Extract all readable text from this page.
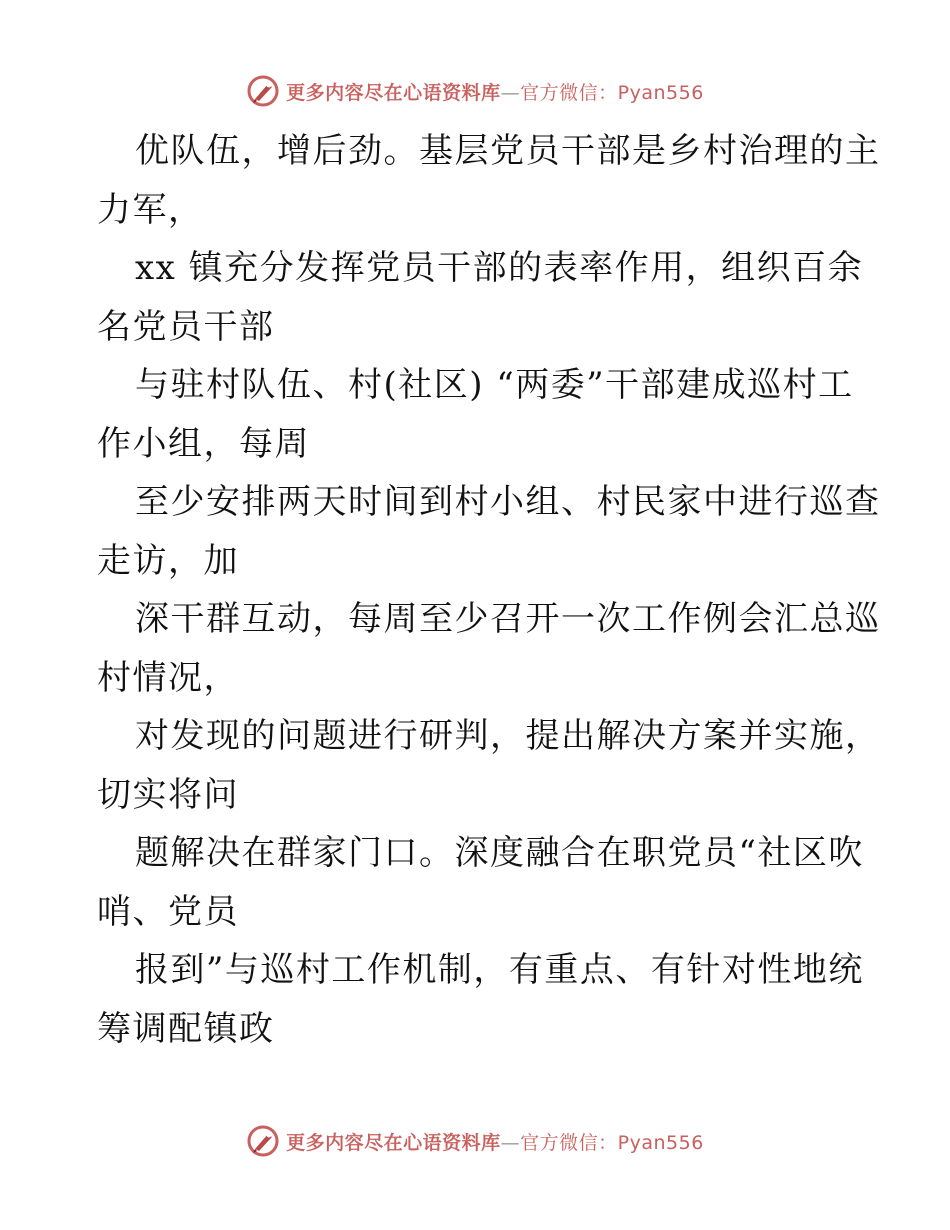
更多内容尽在心语资料库—官方微信：Pyan556
优队伍，增后劲。基层党员干部是乡村治理的主
力军，
xx 镇充分发挥党员干部的表率作用，组织百余
名党员干部
与驻村队伍、村(社区) “两委”干部建成巡村工
作小组，每周
至少安排两天时间到村小组、村民家中进行巡查
走访，加
深干群互动，每周至少召开一次工作例会汇总巡
村情况，
对发现的问题进行研判，提出解决方案并实施，
切实将问
题解决在群家门口。深度融合在职党员“社区吹
哨、党员
报到”与巡村工作机制，有重点、有针对性地统
筹调配镇政
更多内容尽在心语资料库—官方微信：Pyan556
